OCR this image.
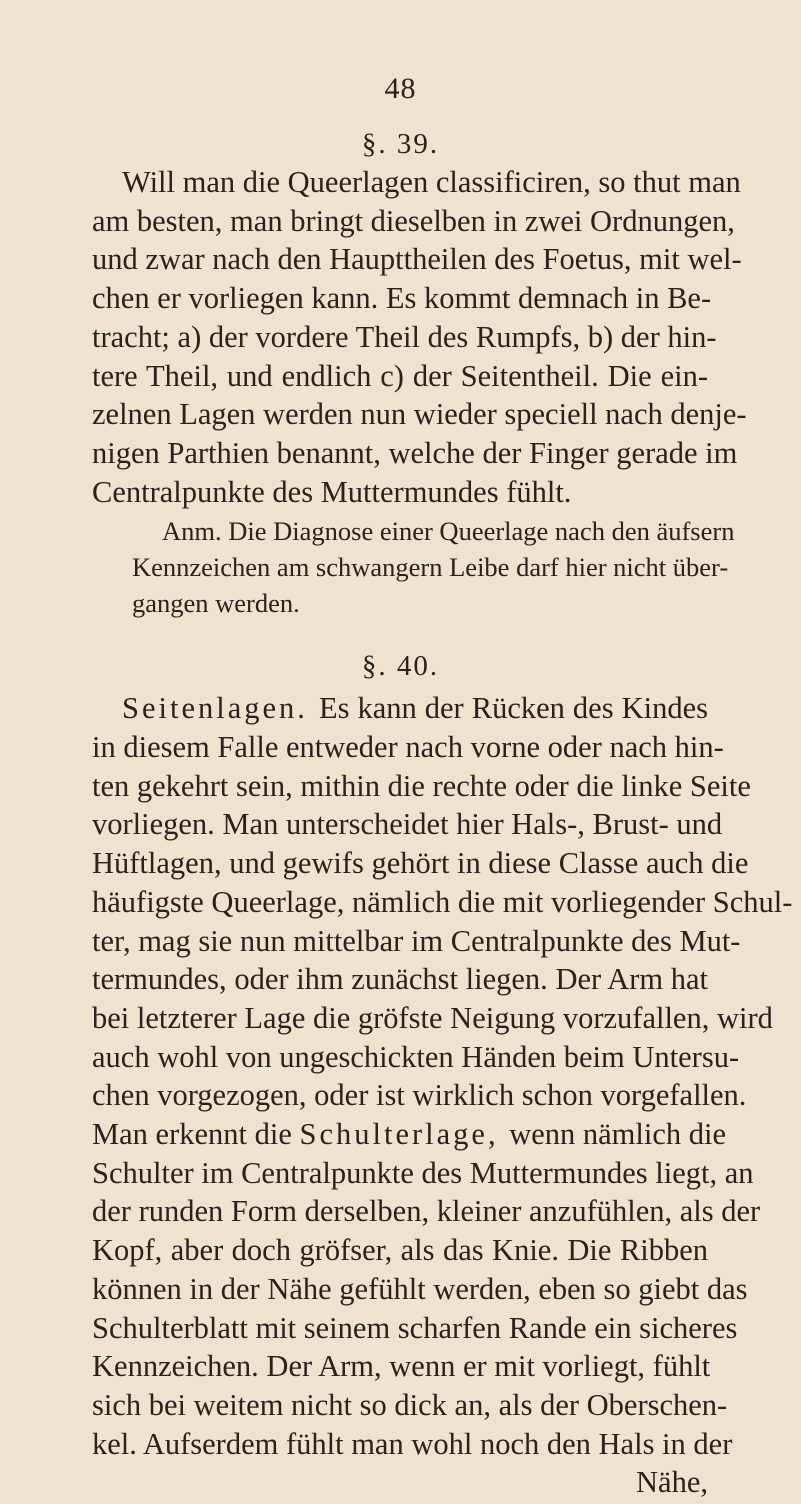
48
§. 39.
Will man die Queerlagen classificiren, so thut man
am besten, man bringt dieselben in zwei Ordnungen,
und zwar nach den Haupttheilen des Foetus, mit wel-
chen er vorliegen kann. Es kommt demnach in Be-
tracht; a) der vordere Theil des Rumpfs, b) der hin-
tere Theil, und endlich c) der Seitentheil. Die ein-
zelnen Lagen werden nun wieder speciell nach denje-
nigen Parthien benannt, welche der Finger gerade im
Centralpunkte des Muttermundes fühlt.
Anm. Die Diagnose einer Queerlage nach den äufsern
Kennzeichen am schwangern Leibe darf hier nicht über-
gangen werden.
§. 40.
Seitenlagen. Es kann der Rücken des Kindes
in diesem Falle entweder nach vorne oder nach hin-
ten gekehrt sein, mithin die rechte oder die linke Seite
vorliegen. Man unterscheidet hier Hals-, Brust- und
Hüftlagen, und gewifs gehört in diese Classe auch die
häufigste Queerlage, nämlich die mit vorliegender Schul-
ter, mag sie nun mittelbar im Centralpunkte des Mut-
termundes, oder ihm zunächst liegen. Der Arm hat
bei letzterer Lage die gröfste Neigung vorzufallen, wird
auch wohl von ungeschickten Händen beim Untersu-
chen vorgezogen, oder ist wirklich schon vorgefallen.
Man erkennt die Schulterlage, wenn nämlich die
Schulter im Centralpunkte des Muttermundes liegt, an
der runden Form derselben, kleiner anzufühlen, als der
Kopf, aber doch gröfser, als das Knie. Die Ribben
können in der Nähe gefühlt werden, eben so giebt das
Schulterblatt mit seinem scharfen Rande ein sicheres
Kennzeichen. Der Arm, wenn er mit vorliegt, fühlt
sich bei weitem nicht so dick an, als der Oberschen-
kel. Aufserdem fühlt man wohl noch den Hals in der
Nähe,
